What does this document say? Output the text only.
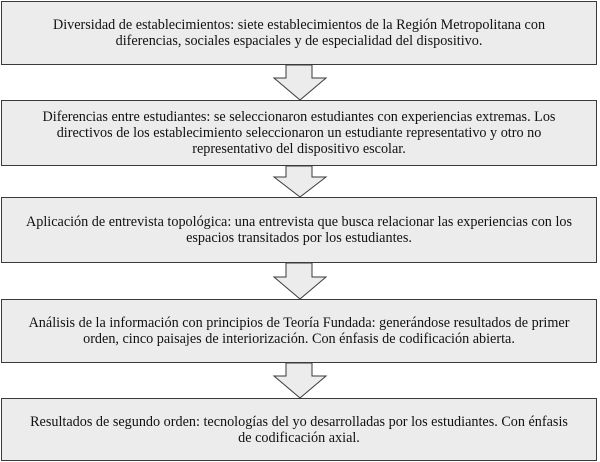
Diversidad de establecimientos: siete establecimientos de la Región Metropolitana con diferencias, sociales espaciales y de especialidad del dispositivo.
Diferencias entre estudiantes: se seleccionaron estudiantes con experiencias extremas. Los directivos de los establecimiento seleccionaron un estudiante representativo y otro no representativo del dispositivo escolar.
Aplicación de entrevista topológica: una entrevista que busca relacionar las experiencias con los espacios transitados por los estudiantes.
Análisis de la información con principios de Teoría Fundada: generándose resultados de primer orden, cinco paisajes de interiorización. Con énfasis de codificación abierta.
Resultados de segundo orden: tecnologías del yo desarrolladas por los estudiantes. Con énfasis de codificación axial.
